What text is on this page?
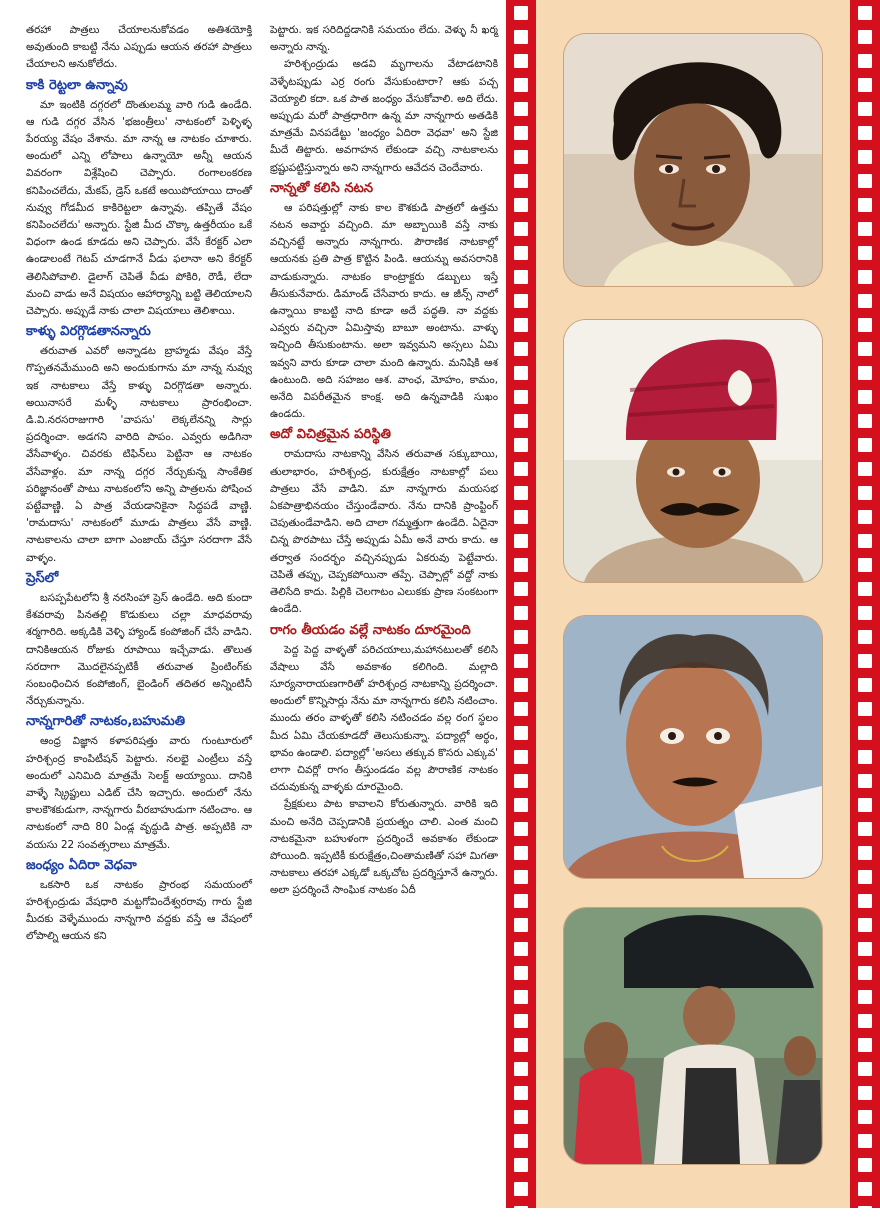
తరహా పాత్రలు చేయాలనుకోవడం అతిశయోక్తి అవుతుంది కాబట్టి నేను ఎప్పుడు ఆయన తరహా పాత్రలు చేయాలని అనుకోలేదు.

కాకి రెట్టలా ఉన్నావు

మా ఇంటికి దగ్గరలో దొంతులమ్మ వారి గుడి ఉండేది. ఆ గుడి దగ్గర వేసిన 'భజంత్రీలు' నాటకంలో పెళ్ళిళ్ళ పేరయ్య వేషం వేశాను. మా నాన్న ఆ నాటకం చూశారు. అందులో ఎన్ని లోపాలు ఉన్నాయో అన్నీ ఆయన వివరంగా విశ్లేషించి చెప్పారు. రంగాలంకరణ కనిపించలేదు, మేకప్, డ్రెస్ ఒకటే అయిపోయాయి దాంతో నువ్వు గోడమీద కాకిరెట్టలా ఉన్నావు. తప్పితే వేషం కనిపించలేదు' అన్నారు. స్టేజి మీద చొక్కా ఉత్తరీయం ఒకే విధంగా ఉండ కూడదు అని చెప్పారు. వేసే కేరక్టర్ ఎలా ఉండాలంటే గెటప్ చూడగానే వీడు ఫలానా అని కేరక్టర్ తెలిసిపోవాలి. డైలాగ్ చెపితే వీడు పోకిరి, రౌడీ, లేదా మంచి వాడు అనే విషయం ఆహార్యాన్ని బట్టి తెలియాలని చెప్పారు. అప్పుడే నాకు చాలా విషయాలు తెలిశాయి.

కాళ్ళు విరగ్గొడతానన్నారు

తరువాత ఎవరో అన్నాడట బ్రాహ్మడు వేషం వేస్తే గొప్పతనమేముంది అని అందుకుగాను మా నాన్న నువ్వు ఇక నాటకాలు వేస్తే కాళ్ళు విరగ్గొడతా అన్నారు. అయినాసరే మళ్ళీ నాటకాలు ప్రారంభించా. డి.వి.నరసరాజుగారి 'వాపసు' లెక్కలేనన్ని సార్లు ప్రదర్శించా. అడగని వారిది పాపం. ఎవ్వరు అడిగినా వేసేవాళ్ళం. చివరకు టిఫిన్‌లు పెట్టినా ఆ నాటకం వేసేవాళ్లం. మా నాన్న దగ్గర నేర్చుకున్న సాంకేతిక పరిజ్ఞానంతో పాటు నాటకంలోని అన్ని పాత్రలను పోషించ పట్టేవాణ్ణి. ఏ పాత్ర వేయడానికైనా సిద్ధపడే వాణ్ణి. 'రామదాసు' నాటకంలో మూడు పాత్రలు వేసే వాణ్ణి. నాటకాలను చాలా బాగా ఎంజాయ్ చేస్తూ సరదాగా వేసే వాళ్ళం.

ప్రెస్‌లో

బసప్పపేటలోని శ్రీ నరసింహా ప్రెస్ ఉండేది. అది కుందా కేశవరావు పినతల్లి కొడుకులు చల్లా మాధవరావు శర్మగారిది. అక్కడికి వెళ్ళి హ్యాండ్ కంపోజింగ్ చేసే వాడిని. దానికిఆయన రోజుకు రూపాయి ఇచ్చేవాడు. తొలుత సరదాగా మొదలైనప్పటికీ తరువాత ప్రింటింగ్‌కు సంబంధించిన కంపోజింగ్, బైండింగ్ తదితర అన్నింటినీ నేర్చుకున్నాను.

నాన్నగారితో నాటకం,బహుమతి

ఆంధ్ర విజ్ఞాన కళాపరిషత్తు వారు గుంటూరులో హరిశ్చంద్ర కాంపిటీషన్ పెట్టారు. నలభై ఎంట్రీలు వస్తే అందులో ఎనిమిది మాత్రమే సెలక్ట్ అయ్యాయి. దానికి వాళ్ళే స్క్రిప్టులు ఎడిట్ చేసి ఇచ్చారు. అందులో నేను కాలకౌశకుడుగా, నాన్నగారు వీరబాహుడుగా నటించాం. ఆ నాటకంలో నాది 80 ఏండ్ల వృద్ధుడి పాత్ర. అప్పటికి నా వయసు 22 సంవత్సరాలు మాత్రమే.

జంధ్యం ఏదిరా వెధవా

ఒకసారి ఒక నాటకం ప్రారంభ సమయంలో హరిశ్చంద్రుడు వేషధారి మట్టగోవిందేశ్వరరావు గారు స్టేజి మీదకు వెళ్ళేముందు నాన్నగారి వద్దకు వస్తే ఆ వేషంలో లోపాల్ని ఆయన కని

పెట్టారు. ఇక సరిదిద్దడానికి సమయం లేదు. వెళ్ళు నీ ఖర్మ అన్నారు నాన్న.

హరిశ్చంద్రుడు అడవి మృగాలను వేటాడటానికి వెళ్ళేటప్పుడు ఎర్ర రంగు వేసుకుంటారా? ఆకు పచ్చ వెయ్యాలి కదా. ఒక పాత జంధ్యం వేసుకోవాలి. అది లేదు. అప్పుడు మరో పాత్రధారిగా ఉన్న మా నాన్నగారు అతడికి మాత్రమే వినపడేట్టు 'జంధ్యం ఏదిరా వెధవా' అని స్టేజి మీదే తిట్టారు. అవగాహన లేకుండా వచ్చి నాటకాలను భ్రష్టుపట్టిస్తున్నారు అని నాన్నగారు ఆవేదన చెందేవారు.

నాన్నతో కలిసి నటన

ఆ పరిషత్తుల్లో నాకు కాల కౌశకుడి పాత్రలో ఉత్తమ నటన అవార్డు వచ్చింది. మా అబ్బాయికి వస్తే నాకు వచ్చినట్టే అన్నారు నాన్నగారు. పౌరాణిక నాటకాల్లో ఆయనకు ప్రతి పాత్ర కొట్టిన పిండి. ఆయన్ను అవసరానికి వాడుకున్నారు. నాటకం కాంట్రాక్టరు డబ్బులు ఇస్తే తీసుకునేవారు. డిమాండ్ చేసేవారు కాదు. ఆ జీన్స్ నాలో ఉన్నాయి కాబట్టి నాది కూడా అదే పద్ధతి. నా వద్దకు ఎవ్వరు వచ్చినా ఏమిస్తావు బాబూ అంటాను. వాళ్ళు ఇచ్చింది తీసుకుంటాను. అలా ఇవ్వమని అస్సలు ఏమి ఇవ్వని వారు కూడా చాలా మంది ఉన్నారు. మనిషికి ఆశ ఉంటుంది. అది సహజం ఆశ. వాంఛ, మోహం, కామం, అనేది విపరీతమైన కాంక్ష. అది ఉన్నవాడికి సుఖం ఉండదు.

అదో విచిత్రమైన పరిస్థితి

రామదాసు నాటకాన్ని వేసిన తరువాత సక్కుబాయి, తులాభారం, హరిశ్చంద్ర, కురుక్షేత్రం నాటకాల్లో పలు పాత్రలు వేసే వాడిని. మా నాన్నగారు మయసభ ఏకపాత్రాభినయం చేస్తుండేవారు. నేను దానికి ప్రాంప్టింగ్ చెపుతుండేవాడిని. అది చాలా గమ్మత్తుగా ఉండేది. ఏదైనా చిన్న పొరపాటు చేస్తే అప్పుడు ఏమీ అనే వారు కాదు. ఆ తర్వాత సందర్భం వచ్చినప్పుడు ఏకరువు పెట్టేవారు. చెపితే తప్పు, చెప్పకపోయినా తప్పే. చెప్పాల్లో వద్దో నాకు తెలిసేది కాదు. పిల్లికి చెలగాటం ఎలుకకు ప్రాణ సంకటంగా ఉండేది.

రాగం తీయడం వల్లే నాటకం దూరమైంది

పెద్ద పెద్ద వాళ్ళతో పరిచయాలు,మహానటులతో కలిసి వేషాలు వేసే అవకాశం కలిగింది. మల్లాది సూర్యనారాయణగారితో హరిశ్చంద్ర నాటకాన్ని ప్రదర్శించా. అందులో కొన్నిసార్లు నేను మా నాన్నగారు కలిసి నటించాం. ముందు తరం వాళ్ళతో కలిసి నటించడం వల్ల రంగ స్థలం మీద ఏమి చేయకూడదో తెలుసుకున్నా. పద్యాల్లో అర్థం, భావం ఉండాలి. పద్యాల్లో 'అసలు తక్కువ కొసరు ఎక్కువ' లాగా చివర్లో రాగం తీస్తుండడం వల్ల పౌరాణిక నాటకం చదువుకున్న వాళ్ళకు దూరమైంది.

ప్రేక్షకులు పాట కావాలని కోరుతున్నారు. వారికి ఇది మంచి అనేది చెప్పడానికి ప్రయత్నం చాలి. ఎంత మంచి నాటకమైనా బహుళంగా ప్రదర్శించే అవకాశం లేకుండా పోయింది. ఇప్పటికీ కురుక్షేత్రం,చింతామణితో సహా మిగతా నాటకాలు తరహా ఎక్కడో ఒక్కచోట ప్రదర్శిస్తూనే ఉన్నారు. అలా ప్రదర్శించే సాంఘిక నాటకం ఏదీ
